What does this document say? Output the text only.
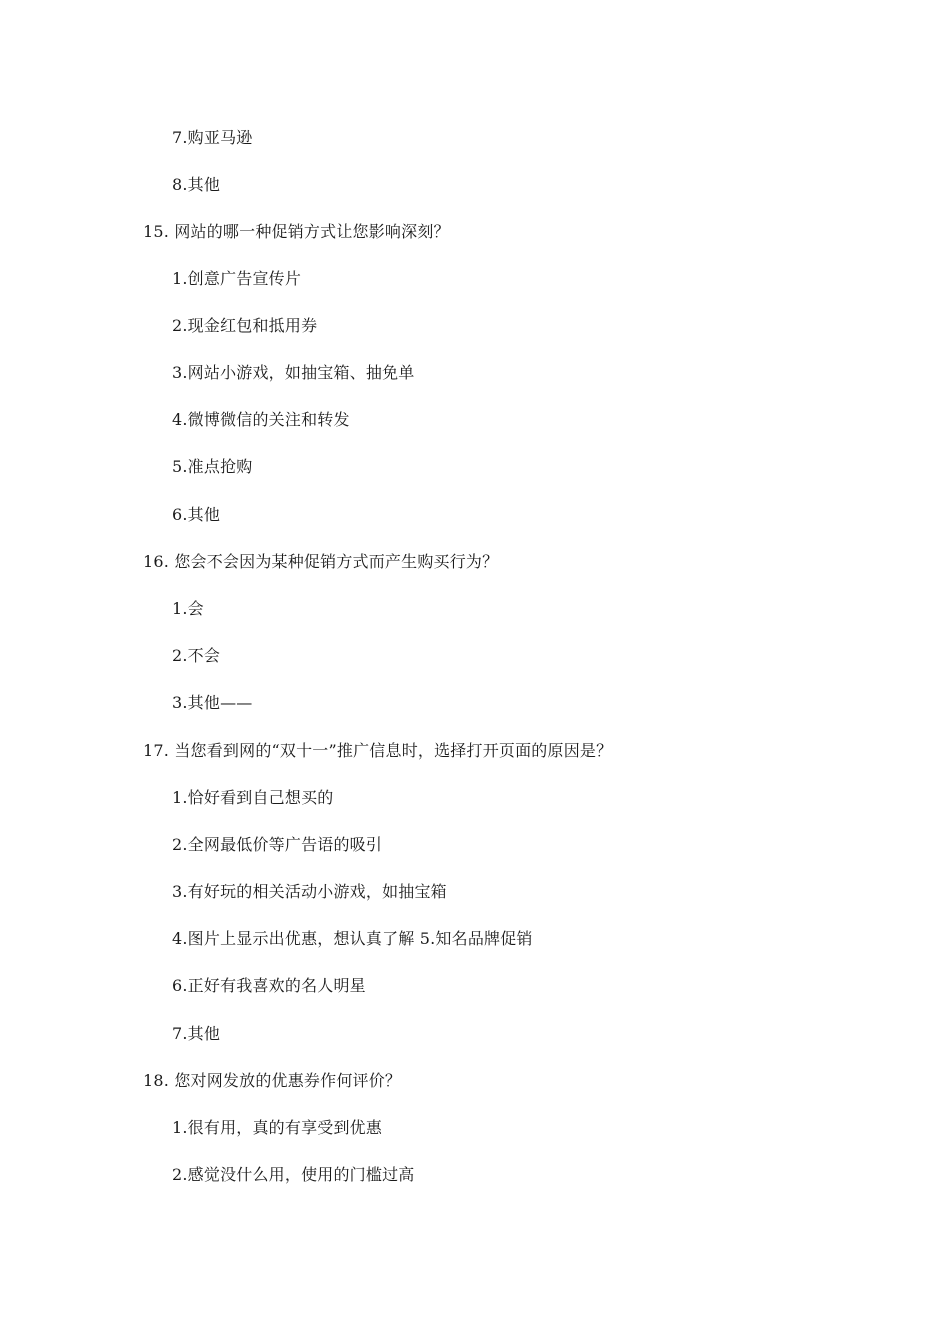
7.购亚马逊
8.其他
15. 网站的哪一种促销方式让您影响深刻？
1.创意广告宣传片
2.现金红包和抵用券
3.网站小游戏，如抽宝箱、抽免单
4.微博微信的关注和转发
5.准点抢购
6.其他
16. 您会不会因为某种促销方式而产生购买行为？
1.会
2.不会
3.其他——
17. 当您看到网的“双十一”推广信息时，选择打开页面的原因是？
1.恰好看到自己想买的
2.全网最低价等广告语的吸引
3.有好玩的相关活动小游戏，如抽宝箱
4.图片上显示出优惠，想认真了解 5.知名品牌促销
6.正好有我喜欢的名人明星
7.其他
18. 您对网发放的优惠券作何评价？
1.很有用，真的有享受到优惠
2.感觉没什么用，使用的门槛过高
